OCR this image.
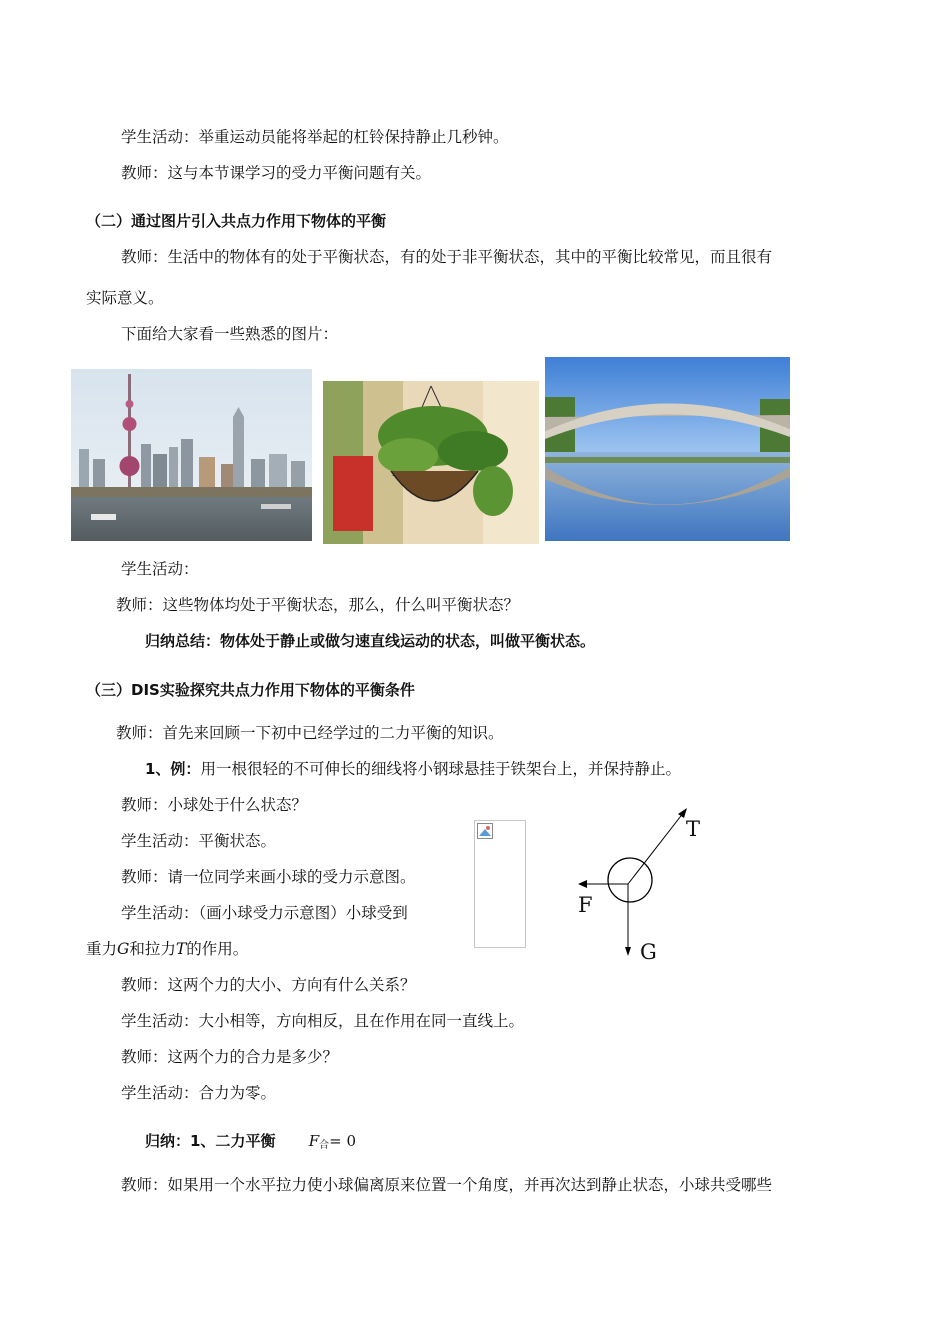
学生活动：举重运动员能将举起的杠铃保持静止几秒钟。
教师：这与本节课学习的受力平衡问题有关。
（二）通过图片引入共点力作用下物体的平衡
教师：生活中的物体有的处于平衡状态，有的处于非平衡状态，其中的平衡比较常见，而且很有
实际意义。
下面给大家看一些熟悉的图片：
学生活动：
教师：这些物体均处于平衡状态，那么，什么叫平衡状态？
归纳总结：物体处于静止或做匀速直线运动的状态，叫做平衡状态。
（三）DIS实验探究共点力作用下物体的平衡条件
教师：首先来回顾一下初中已经学过的二力平衡的知识。
1、例：用一根很轻的不可伸长的细线将小钢球悬挂于铁架台上，并保持静止。
教师：小球处于什么状态？
学生活动：平衡状态。
教师：请一位同学来画小球的受力示意图。
学生活动：（画小球受力示意图）小球受到
重力G和拉力T的作用。
T
F
G
教师：这两个力的大小、方向有什么关系？
学生活动：大小相等，方向相反，且在作用在同一直线上。
教师：这两个力的合力是多少？
学生活动：合力为零。
归纳：1、二力平衡 $F_合= 0$
教师：如果用一个水平拉力使小球偏离原来位置一个角度，并再次达到静止状态，小球共受哪些
